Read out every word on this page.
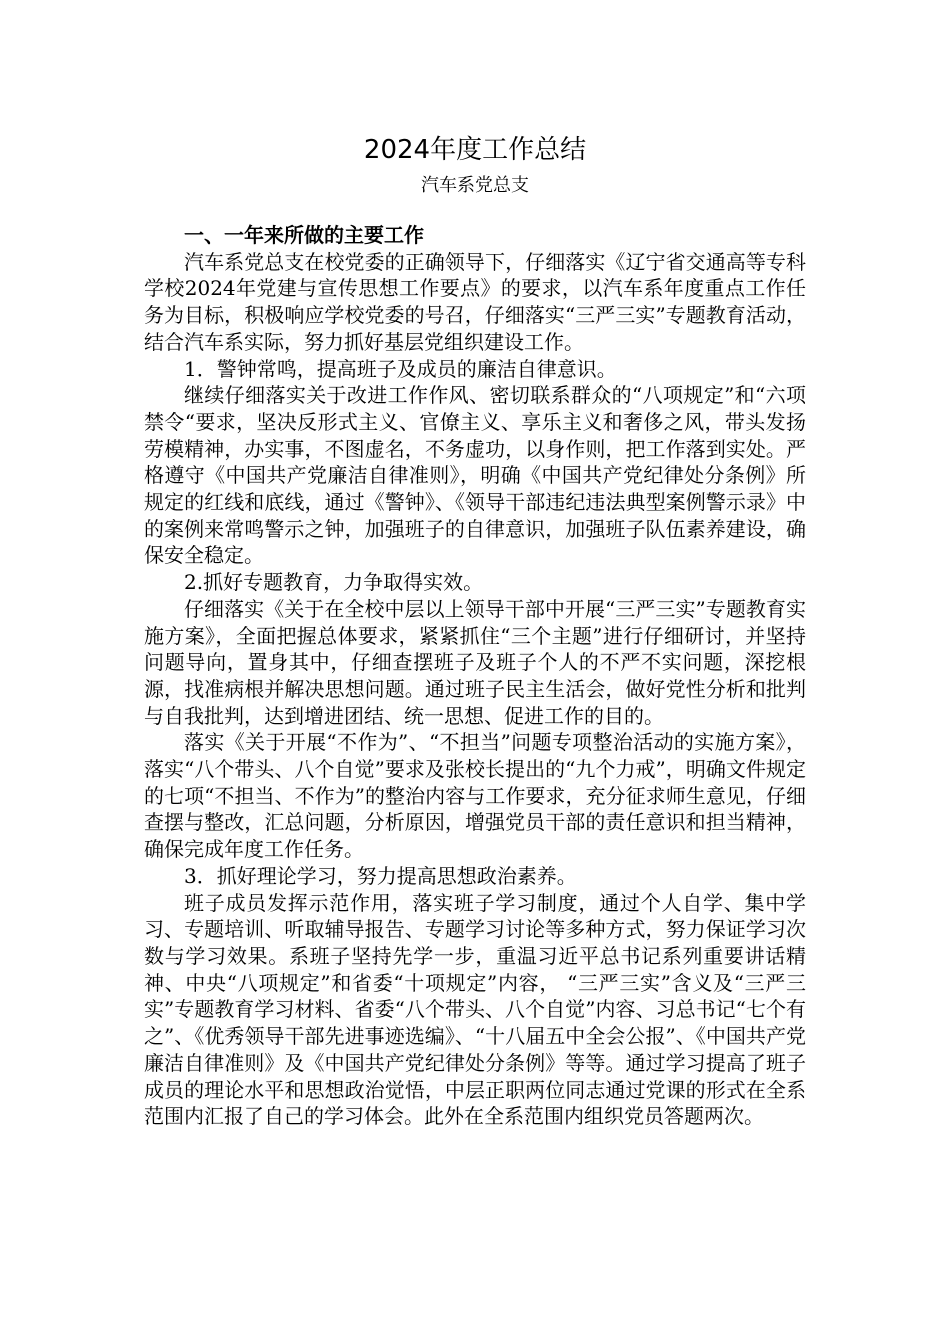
2024年度工作总结
汽车系党总支

一、一年来所做的主要工作

汽车系党总支在校党委的正确领导下，仔细落实《辽宁省交通高等专科学校2024年党建与宣传思想工作要点》的要求，以汽车系年度重点工作任务为目标，积极响应学校党委的号召，仔细落实“三严三实”专题教育活动，结合汽车系实际，努力抓好基层党组织建设工作。

1．警钟常鸣，提高班子及成员的廉洁自律意识。

继续仔细落实关于改进工作作风、密切联系群众的“八项规定”和“六项禁令“要求，坚决反形式主义、官僚主义、享乐主义和奢侈之风，带头发扬劳模精神，办实事，不图虚名，不务虚功，以身作则，把工作落到实处。严格遵守《中国共产党廉洁自律准则》，明确《中国共产党纪律处分条例》所规定的红线和底线，通过《警钟》、《领导干部违纪违法典型案例警示录》中的案例来常鸣警示之钟，加强班子的自律意识，加强班子队伍素养建设，确保安全稳定。

2.抓好专题教育，力争取得实效。

仔细落实《关于在全校中层以上领导干部中开展“三严三实”专题教育实施方案》，全面把握总体要求，紧紧抓住“三个主题”进行仔细研讨，并坚持问题导向，置身其中，仔细查摆班子及班子个人的不严不实问题，深挖根源，找准病根并解决思想问题。通过班子民主生活会，做好党性分析和批判与自我批判，达到增进团结、统一思想、促进工作的目的。

落实《关于开展“不作为”、“不担当”问题专项整治活动的实施方案》，落实“八个带头、八个自觉”要求及张校长提出的“九个力戒”，明确文件规定的七项“不担当、不作为”的整治内容与工作要求，充分征求师生意见，仔细查摆与整改，汇总问题，分析原因，增强党员干部的责任意识和担当精神，确保完成年度工作任务。

3．抓好理论学习，努力提高思想政治素养。

班子成员发挥示范作用，落实班子学习制度，通过个人自学、集中学习、专题培训、听取辅导报告、专题学习讨论等多种方式，努力保证学习次数与学习效果。系班子坚持先学一步，重温习近平总书记系列重要讲话精神、中央“八项规定”和省委“十项规定”内容， “三严三实”含义及“三严三实”专题教育学习材料、省委“八个带头、八个自觉”内容、习总书记“七个有之”、《优秀领导干部先进事迹选编》、“十八届五中全会公报”、《中国共产党廉洁自律准则》及《中国共产党纪律处分条例》等等。通过学习提高了班子成员的理论水平和思想政治觉悟，中层正职两位同志通过党课的形式在全系范围内汇报了自己的学习体会。此外在全系范围内组织党员答题两次。
